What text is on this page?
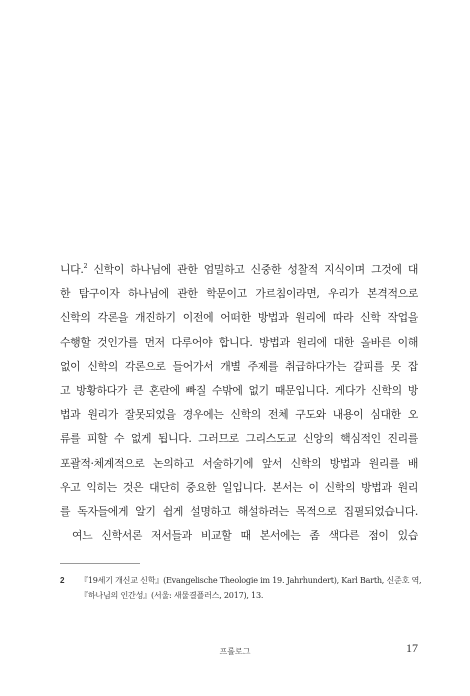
니다.$^2$ 신학이 하나님에 관한 엄밀하고 신중한 성찰적 지식이며 그것에 대
한 탐구이자 하나님에 관한 학문이고 가르침이라면, 우리가 본격적으로
신학의 각론을 개진하기 이전에 어떠한 방법과 원리에 따라 신학 작업을
수행할 것인가를 먼저 다루어야 합니다. 방법과 원리에 대한 올바른 이해
없이 신학의 각론으로 들어가서 개별 주제를 취급하다가는 갈피를 못 잡
고 방황하다가 큰 혼란에 빠질 수밖에 없기 때문입니다. 게다가 신학의 방
법과 원리가 잘못되었을 경우에는 신학의 전체 구도와 내용이 심대한 오
류를 피할 수 없게 됩니다. 그러므로 그리스도교 신앙의 핵심적인 진리를
포괄적·체계적으로 논의하고 서술하기에 앞서 신학의 방법과 원리를 배
우고 익히는 것은 대단히 중요한 일입니다. 본서는 이 신학의 방법과 원리
를 독자들에게 알기 쉽게 설명하고 해설하려는 목적으로 집필되었습니다.
여느 신학서론 저서들과 비교할 때 본서에는 좀 색다른 점이 있습
2 『19세기 개신교 신학』(Evangelische Theologie im 19. Jahrhundert), Karl Barth, 신준호 역,
『하나님의 인간성』(서울: 새물결플러스, 2017), 13.
프롤로그	17
